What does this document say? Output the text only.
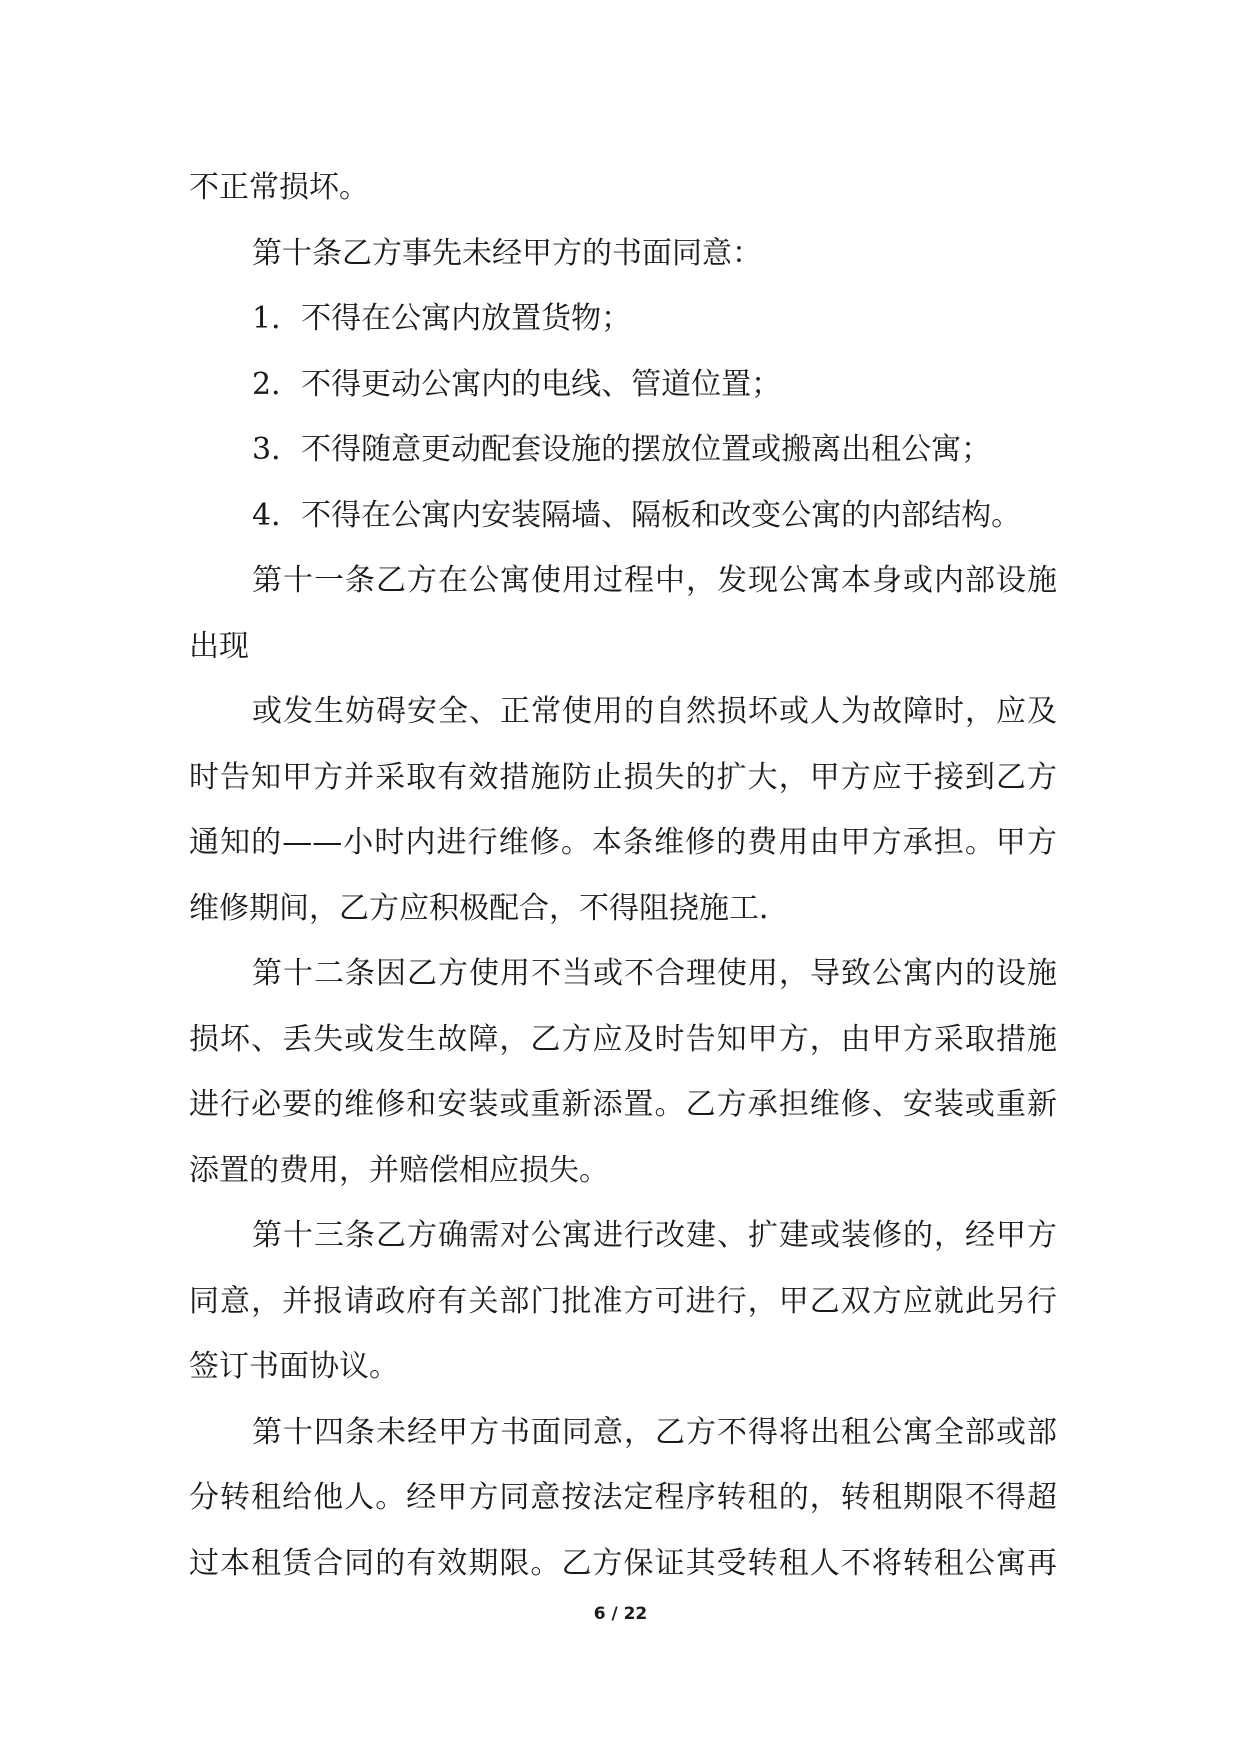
不正常损坏。
第十条乙方事先未经甲方的书面同意：
1．不得在公寓内放置货物；
2．不得更动公寓内的电线、管道位置；
3．不得随意更动配套设施的摆放位置或搬离出租公寓；
4．不得在公寓内安装隔墙、隔板和改变公寓的内部结构。
第十一条乙方在公寓使用过程中，发现公寓本身或内部设施
出现
或发生妨碍安全、正常使用的自然损坏或人为故障时，应及
时告知甲方并采取有效措施防止损失的扩大，甲方应于接到乙方
通知的——小时内进行维修。本条维修的费用由甲方承担。甲方
维修期间，乙方应积极配合，不得阻挠施工．
第十二条因乙方使用不当或不合理使用，导致公寓内的设施
损坏、丢失或发生故障，乙方应及时告知甲方，由甲方采取措施
进行必要的维修和安装或重新添置。乙方承担维修、安装或重新
添置的费用，并赔偿相应损失。
第十三条乙方确需对公寓进行改建、扩建或装修的，经甲方
同意，并报请政府有关部门批准方可进行，甲乙双方应就此另行
签订书面协议。
第十四条未经甲方书面同意，乙方不得将出租公寓全部或部
分转租给他人。经甲方同意按法定程序转租的，转租期限不得超
过本租赁合同的有效期限。乙方保证其受转租人不将转租公寓再
6 / 22
